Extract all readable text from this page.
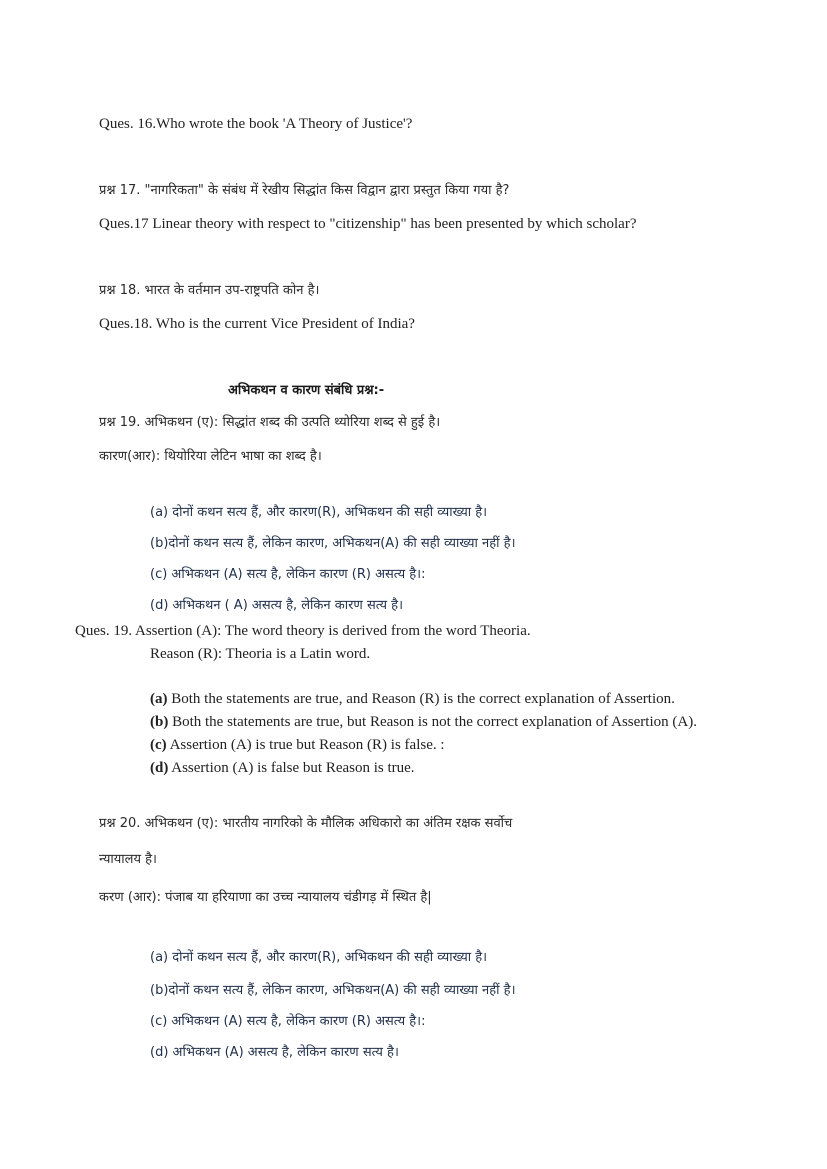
Ques. 16.Who wrote the book 'A Theory of Justice'?
प्रश्न 17. "नागरिकता" के संबंध में रेखीय सिद्धांत किस विद्वान द्वारा प्रस्तुत किया गया है?
Ques.17 Linear theory with respect to "citizenship" has been presented by which scholar?
प्रश्न 18. भारत के वर्तमान उप-राष्ट्रपति कोन है।
Ques.18. Who is the current Vice President of India?
अभिकथन व कारण संबंधि प्रश्न:-
प्रश्न 19. अभिकथन (ए): सिद्धांत शब्द की उत्पति थ्योरिया शब्द से हुई है।
कारण(आर): थियोरिया लेटिन भाषा का शब्द है।
(a) दोनों कथन सत्य हैं, और कारण(R), अभिकथन की सही व्याख्या है।
(b)दोनों कथन सत्य हैं, लेकिन कारण, अभिकथन(A) की सही व्याख्या नहीं है।
(c) अभिकथन (A) सत्य है, लेकिन कारण (R) असत्य है।:
(d) अभिकथन ( A) असत्य है, लेकिन कारण सत्य है।
Ques. 19. Assertion (A): The word theory is derived from the word Theoria.
Reason (R): Theoria is a Latin word.
(a) Both the statements are true, and Reason (R) is the correct explanation of Assertion.
(b) Both the statements are true, but Reason is not the correct explanation of Assertion (A).
(c) Assertion (A) is true but Reason (R) is false. :
(d) Assertion (A) is false but Reason is true.
प्रश्न 20. अभिकथन (ए): भारतीय नागरिको के मौलिक अधिकारो का अंतिम रक्षक सर्वोच
न्यायालय है।
करण (आर): पंजाब या हरियाणा का उच्च न्यायालय चंडीगड़ में स्थित है|
(a) दोनों कथन सत्य हैं, और कारण(R), अभिकथन की सही व्याख्या है।
(b)दोनों कथन सत्य हैं, लेकिन कारण, अभिकथन(A) की सही व्याख्या नहीं है।
(c) अभिकथन (A) सत्य है, लेकिन कारण (R) असत्य है।:
(d) अभिकथन (A) असत्य है, लेकिन कारण सत्य है।
